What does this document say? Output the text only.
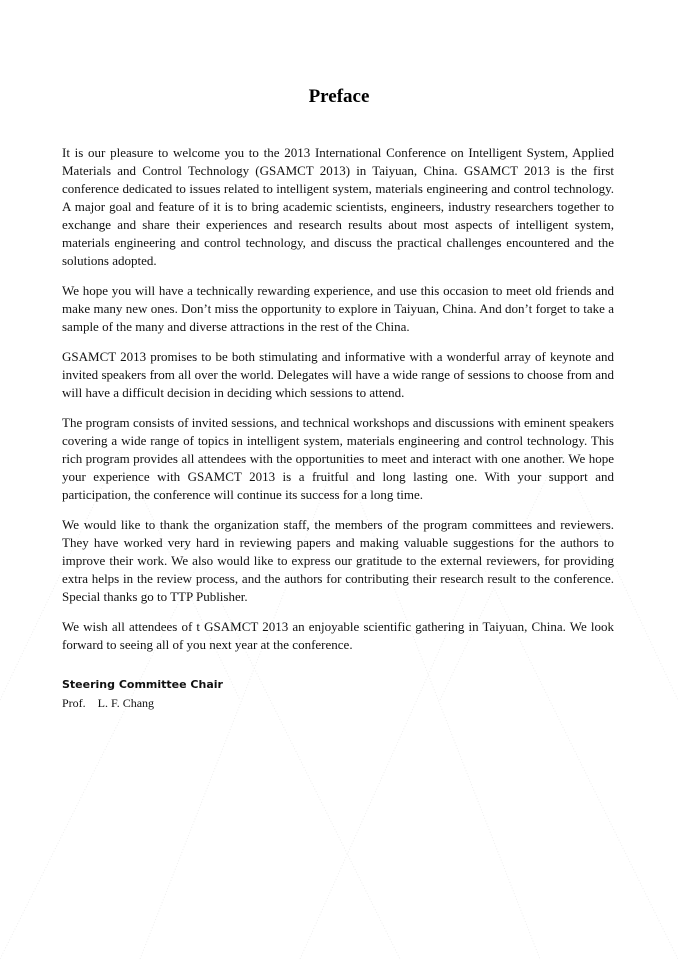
Preface

It is our pleasure to welcome you to the 2013 International Conference on Intelligent System, Applied Materials and Control Technology (GSAMCT 2013) in Taiyuan, China. GSAMCT 2013 is the first conference dedicated to issues related to intelligent system, materials engineering and control technology. A major goal and feature of it is to bring academic scientists, engineers, industry researchers together to exchange and share their experiences and research results about most aspects of intelligent system, materials engineering and control technology, and discuss the practical challenges encountered and the solutions adopted.

We hope you will have a technically rewarding experience, and use this occasion to meet old friends and make many new ones. Don’t miss the opportunity to explore in Taiyuan, China. And don’t forget to take a sample of the many and diverse attractions in the rest of the China.

GSAMCT 2013 promises to be both stimulating and informative with a wonderful array of keynote and invited speakers from all over the world. Delegates will have a wide range of sessions to choose from and will have a difficult decision in deciding which sessions to attend.

The program consists of invited sessions, and technical workshops and discussions with eminent speakers covering a wide range of topics in intelligent system, materials engineering and control technology. This rich program provides all attendees with the opportunities to meet and interact with one another. We hope your experience with GSAMCT 2013 is a fruitful and long lasting one. With your support and participation, the conference will continue its success for a long time.

We would like to thank the organization staff, the members of the program committees and reviewers. They have worked very hard in reviewing papers and making valuable suggestions for the authors to improve their work. We also would like to express our gratitude to the external reviewers, for providing extra helps in the review process, and the authors for contributing their research result to the conference. Special thanks go to TTP Publisher.

We wish all attendees of t GSAMCT 2013 an enjoyable scientific gathering in Taiyuan, China. We look forward to seeing all of you next year at the conference.

Steering Committee Chair
Prof.    L. F. Chang
